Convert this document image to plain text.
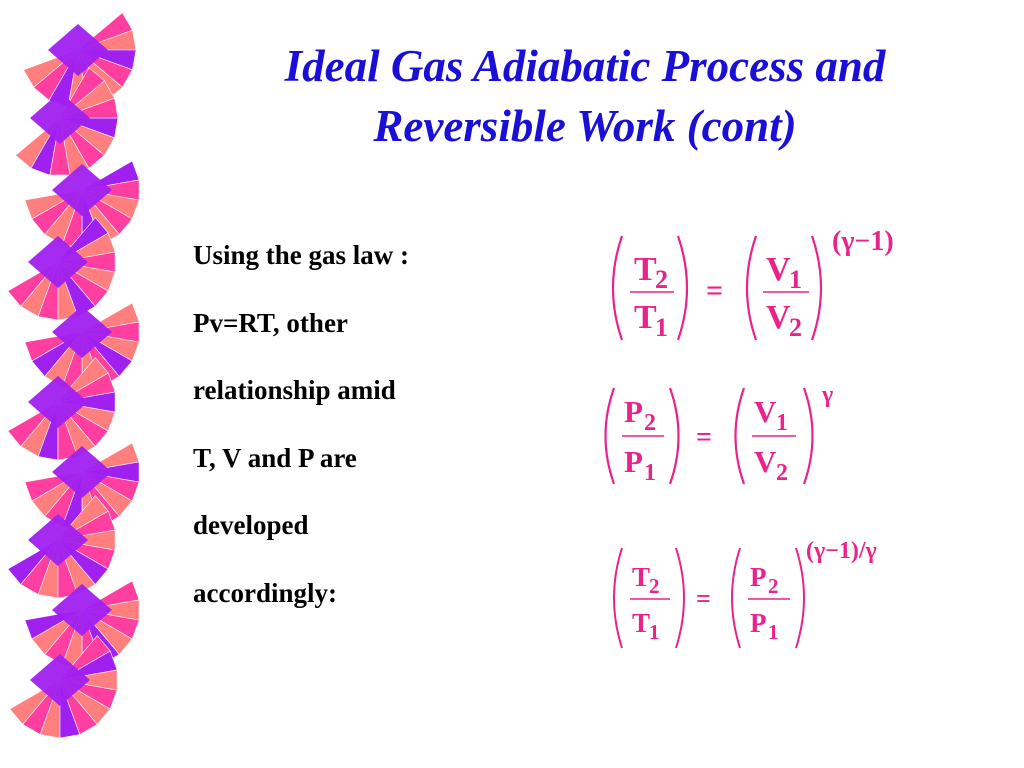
Ideal Gas Adiabatic Process and
Reversible Work (cont)
Using the gas law :
Pv=RT, other
relationship amid
T, V and P are
developed
accordingly:
T
2
T
1
=
V
1
V
2
(γ−1)
P 2
P 1
=
V 1
V 2
γ
T
2
T
1
=
P 2
P 1
(γ−1)/γ
